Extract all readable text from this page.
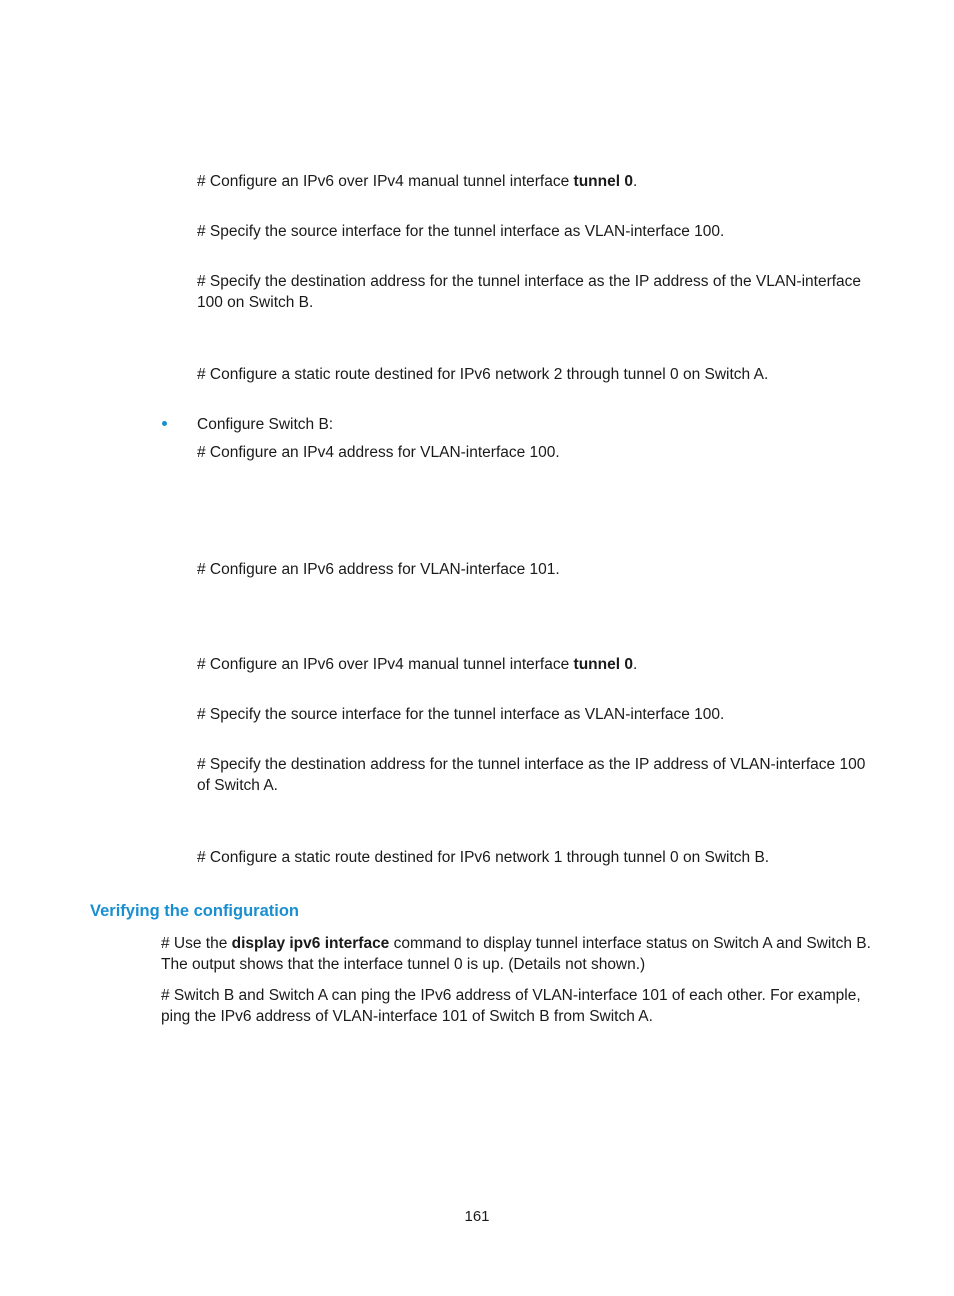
# Configure an IPv6 over IPv4 manual tunnel interface tunnel 0.

# Specify the source interface for the tunnel interface as VLAN-interface 100.

# Specify the destination address for the tunnel interface as the IP address of the VLAN-interface

100 on Switch B.

# Configure a static route destined for IPv6 network 2 through tunnel 0 on Switch A.

Configure Switch B:

# Configure an IPv4 address for VLAN-interface 100.

# Configure an IPv6 address for VLAN-interface 101.

# Configure an IPv6 over IPv4 manual tunnel interface tunnel 0.

# Specify the source interface for the tunnel interface as VLAN-interface 100.

# Specify the destination address for the tunnel interface as the IP address of VLAN-interface 100

of Switch A.

# Configure a static route destined for IPv6 network 1 through tunnel 0 on Switch B.

Verifying the configuration

# Use the display ipv6 interface command to display tunnel interface status on Switch A and Switch B.

The output shows that the interface tunnel 0 is up. (Details not shown.)

# Switch B and Switch A can ping the IPv6 address of VLAN-interface 101 of each other. For example,

ping the IPv6 address of VLAN-interface 101 of Switch B from Switch A.

161
